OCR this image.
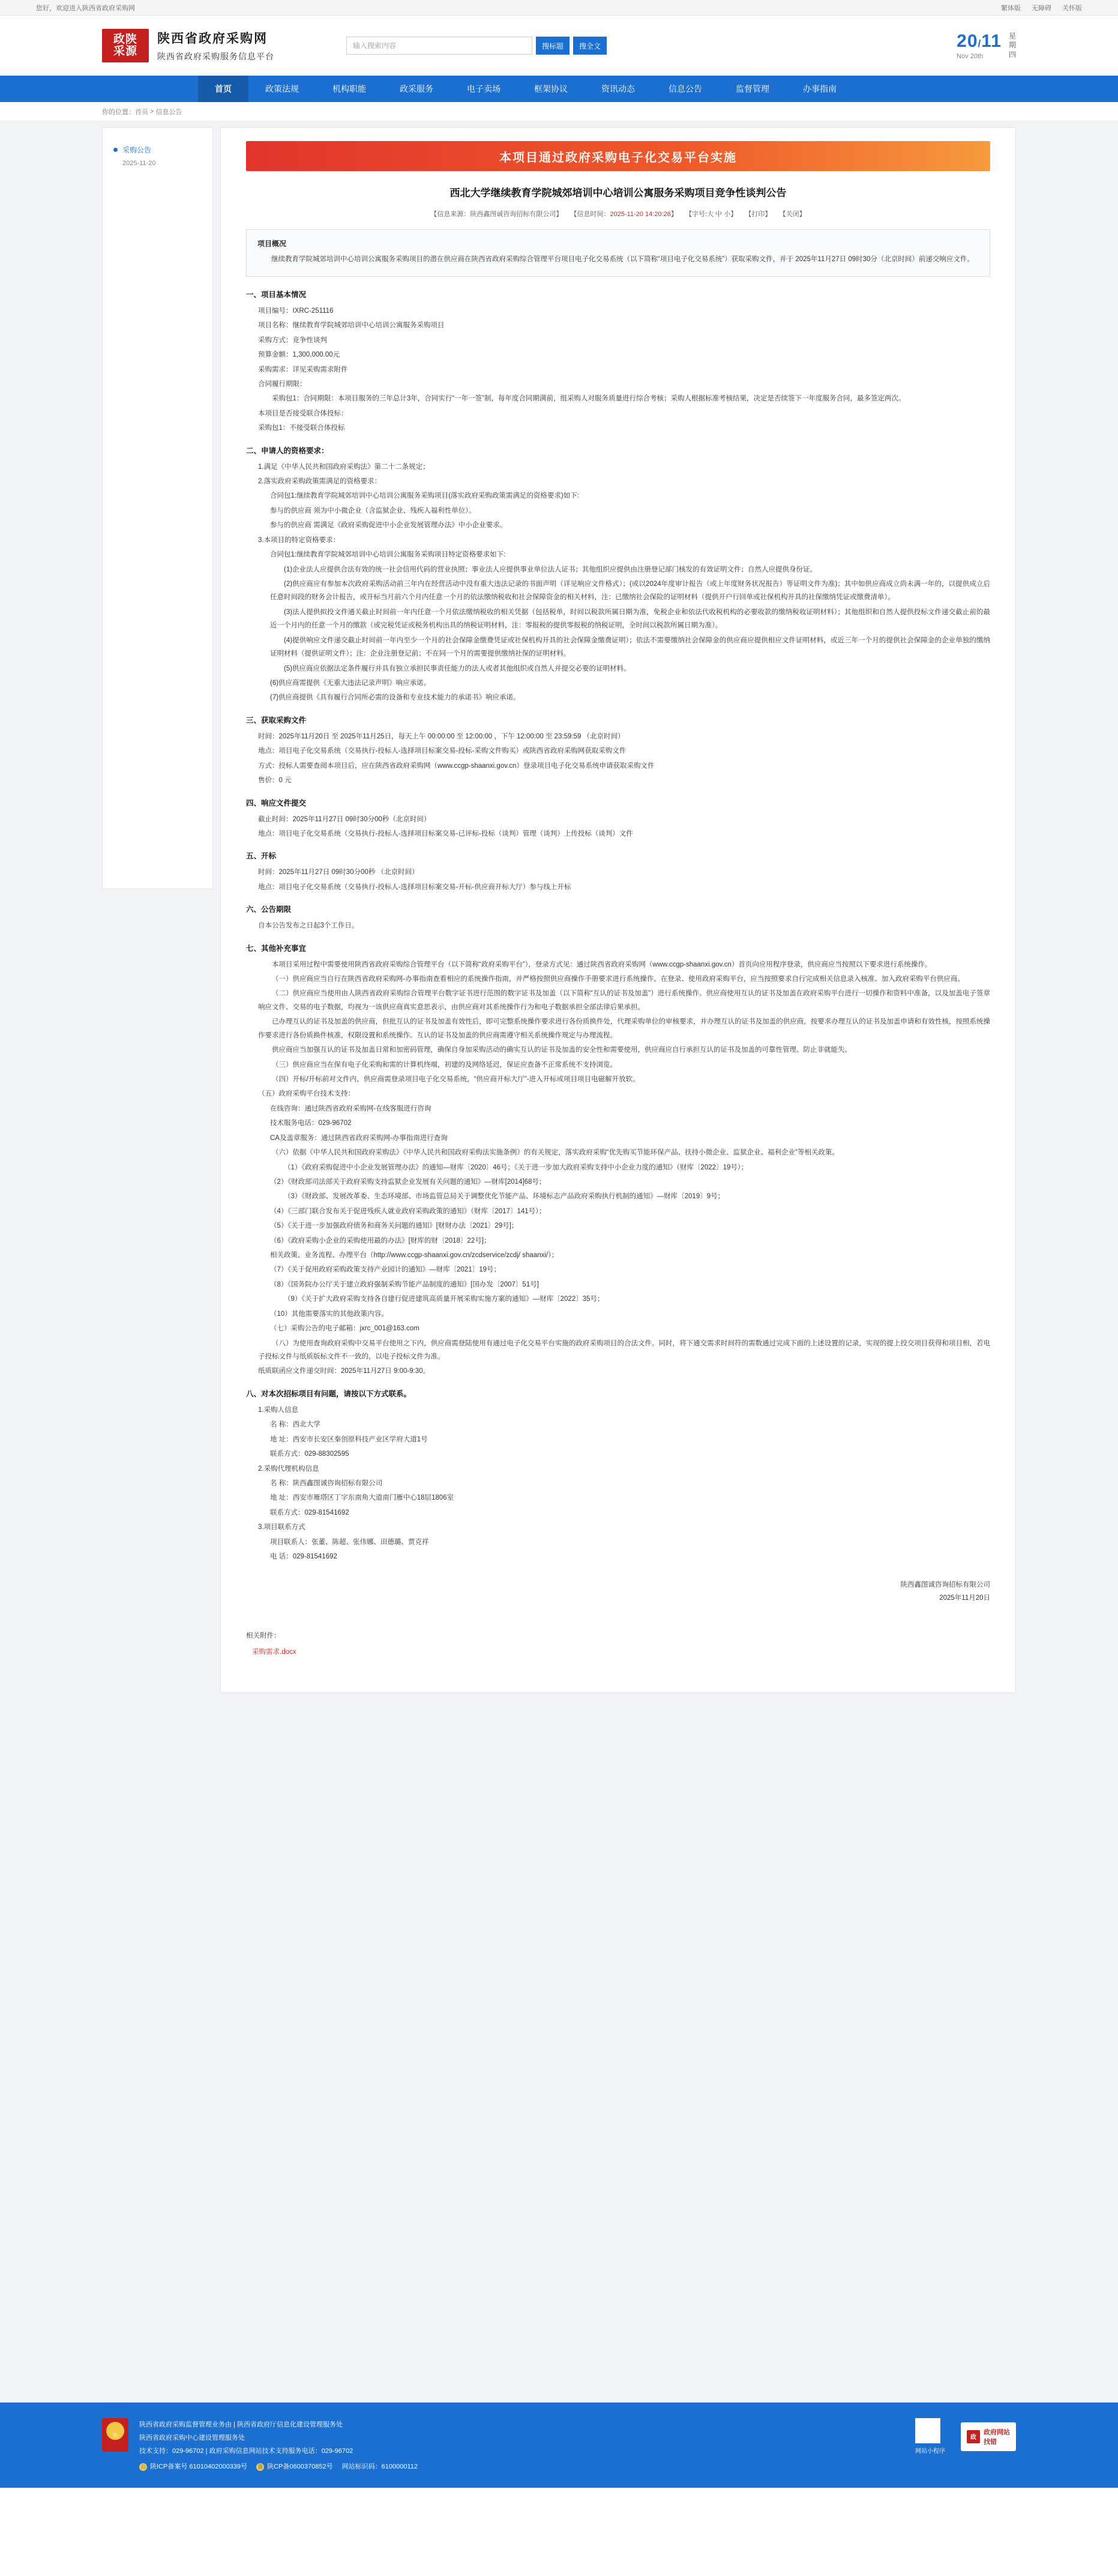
您好，欢迎进入陕西省政府采购网	繁体版 无障碍 关怀版
政陕
采源
陕西省政府采购网
陕西省政府采购服务信息平台
输入搜索内容	搜标题	搜全文	20/11
Nov 20th
星
期
四
首页	政策法规	机构职能	政采服务	电子卖场	框架协议	资讯动态	信息公告	监督管理	办事指南
你的位置： 首页 > 信息公告
采购公告
2025-11-20	本项目通过政府采购电子化交易平台实施
西北大学继续教育学院城郊培训中心培训公寓服务采购项目竞争性谈判公告
【信息来源：陕西鑫图诚咨询招标有限公司】 【信息时间：2025-11-20 14:20:26】 【字号:大 中 小】 【打印】 【关闭】
项目概况

继续教育学院城郊培训中心培训公寓服务采购项目的潜在供应商在陕西省政府采购综合管理平台项目电子化交易系统（以下简称“项目电子化交易系统”）获取采购文件，并于 2025年11月27日 09时30分（北京时间）前递交响应文件。

一、项目基本情况

项目编号：IXRC-251116

项目名称：继续教育学院城郊培训中心培训公寓服务采购项目

采购方式：竞争性谈判

预算金额：1,300,000.00元

采购需求：详见采购需求附件

合同履行期限：

采购包1：合同期限：本项目服务的三年总计3年，合同实行“一年一签”制，每年度合同期满前，组采购人对服务质量进行综合考核；采购人根据标准考核结果，决定是否续签下一年度服务合同，最多签定两次。

本项目是否接受联合体投标：

采购包1：不接受联合体投标

二、申请人的资格要求：

1.满足《中华人民共和国政府采购法》第二十二条规定；

2.落实政府采购政策需满足的资格要求：

合同包1:继续教育学院城郊培训中心培训公寓服务采购项目(落实政府采购政策需满足的资格要求)如下:

参与的供应商 须为中小微企业（含监狱企业、残疾人福利性单位）。

参与的供应商 需满足《政府采购促进中小企业发展管理办法》中小企业要求。

3.本项目的特定资格要求：

合同包1:继续教育学院城郊培训中心培训公寓服务采购项目特定资格要求如下:

(1)企业法人应提供合法有效的统一社会信用代码的营业执照；事业法人应提供事业单位法人证书；其他组织应提供由注册登记部门核发的有效证明文件；自然人应提供身份证。

(2)供应商应有参加本次政府采购活动前三年内在经营活动中没有重大违法记录的书面声明（详见响应文件格式）；(或以2024年度审计报告（或上年度财务状况报告）等证明文件为准)；其中如供应商成立尚未满一年的，以提供成立后任意时间段的财务会计报告，或开标当月前六个月内任意一个月的依法缴纳税收和社会保障资金的相关材料，注：已缴纳社会保险的证明材料（提供开户行回单或社保机构开具的社保缴纳凭证或缴费清单）。

(3)法人提供拟投文件通关截止时间前一年内任意一个月依法缴纳税收的相关凭据（包括税单，时间以税款所属日期为准，免税企业和依法代收税机构的必要收款的缴纳税收证明材料）；其他组织和自然人提供投标文件递交截止前的最近一个月内的任意一个月的缴款（或完税凭证或税务机构出具的纳税证明材料，注：零报税的提供零报税的纳税证明，全时间以税款所属日期为准）。

(4)提供响应文件递交截止时间前一年内至少一个月的社会保障金缴费凭证或社保机构开具的社会保障金缴费证明）；依法不需要缴纳社会保障金的供应商应提供相应文件证明材料，或近三年一个月的提供社会保障金的企业单独的缴纳证明材料（提供证明文件）；注：企业注册登记前；不在同一个月的需要提供缴纳社保的证明材料。

(5)供应商应依据法定条件履行并具有独立承担民事责任能力的法人或者其他组织或自然人并提交必要的证明材料。

(6)供应商需提供《无重大违法记录声明》响应承诺。

(7)供应商提供《具有履行合同所必需的设备和专业技术能力的承诺书》响应承诺。

三、获取采购文件

时间：2025年11月20日 至 2025年11月25日，每天上午 00:00:00 至 12:00:00 ，下午 12:00:00 至 23:59:59 （北京时间）

地点：项目电子化交易系统（交易执行-投标人-选择项目标案交易-投标-采购文件购买）或陕西省政府采购网获取采购文件

方式：投标人需要查阅本项目后，应在陕西省政府采购网（www.ccgp-shaanxi.gov.cn）登录项目电子化交易系统申请获取采购文件

售价：0 元

四、响应文件提交

截止时间：2025年11月27日 09时30分00秒（北京时间）

地点：项目电子化交易系统（交易执行-投标人-选择项目标案交易-已评标-投标（谈判）管理（谈判）上传投标（谈判）文件

五、开标

时间：2025年11月27日 09时30分00秒 （北京时间）

地点：项目电子化交易系统（交易执行-投标人-选择项目标案交易-开标-供应商开标大厅）参与线上开标

六、公告期限

自本公告发布之日起3个工作日。

七、其他补充事宜

本项目采用过程中需要使用陕西省政府采购综合管理平台（以下简称“政府采购平台”），登录方式见：通过陕西省政府采购网（www.ccgp-shaanxi.gov.cn）首页向应用程序登录，供应商应当按照以下要求进行系统操作。

（一）供应商应当自行在陕西省政府采购网-办事指南查看相应的系统操作指南，并严格按照供应商操作手册要求进行系统操作。在登录、使用政府采购平台，应当按照要求自行完成相关信息录入核准、加入政府采购平台供应商。

（二）供应商应当使用由人陕西省政府采购综合管理平台数字证书进行范围的数字证书及加盖（以下简称“互认的证书及加盖”）进行系统操作。供应商使用互认的证书及加盖在政府采购平台进行一切操作和资料中准备，以及加盖电子签章响应文件、交易的电子数据，均视为一该供应商真实意思表示，由供应商对其系统操作行为和电子数据承担全部法律后果承担。

已办理互认的证书及加盖的供应商，但批互认的证书及加盖有效性后，即可完整系统操作要求进行各份质换件处，代理采购单位的审核要求，并办理互认的证书及加盖的供应商，按要求办理互认的证书及加盖申请和有效性核，按照系统操作要求进行各份质换件核准，权限设置和系统操作。互认的证书及加盖的供应商需遵守相关系统操作规定与办理流程。

供应商应当加强互认的证书及加盖日常和加密码管理，确保自身加采购活动的确实互认的证书及加盖的安全性和需要使用，供应商应自行承担互认的证书及加盖的可靠性管理、防止非就能失。

（三）供应商应当在保有电子化采购和需的计算机终端，初建的及网络延迟，保证应查备不正常系统不支持浏览。

（四）开标/开标前对文件内，供应商需登录项目电子化交易系统，“供应商开标大厅”-进入开标或项目项目电磁解开放软。

（五）政府采购平台技术支持：

在线咨询：通过陕西省政府采购网-在线客服进行咨询

技术服务电话：029-96702

CA及盖章服务：通过陕西省政府采购网-办事指南进行查询

（六）依据《中华人民共和国政府采购法》《中华人民共和国政府采购法实施条例》的有关规定，落实政府采购“优先购买节能环保产品、扶持小微企业、监狱企业、福利企业”等相关政策。

（1）《政府采购促进中小企业发展管理办法》的通知—财库〔2020〕46号；《关于进一步加大政府采购支持中小企业力度的通知》（财库〔2022〕19号）；

（2）《财政部司法部关于政府采购支持监狱企业发展有关问题的通知》—财库[2014]68号；

（3）《财政部、发展改革委、生态环境部、市场监管总局关于调整优化节能产品、环境标志产品政府采购执行机制的通知》—财库〔2019〕9号；

（4）《三部门联合发布关于促进残疾人就业政府采购政策的通知》（财库〔2017〕141号）；

（5）《关于进一步加强政府债务和商务关问题的通知》[财财办法〔2021〕29号]；

（6）《政府采购小企业的采购使用最的办法》[财库的财〔2018〕22号]；

相关政策、业务流程、办理平台（http://www.ccgp-shaanxi.gov.cn/zcdservice/zcdj/ shaanxi/）；

（7）《关于促用政府采购政策支持产业园计的通知》—财库〔2021〕19号；

（8）《国务院办公厅关于建立政府强制采购节能产品制度的通知》[国办发〔2007〕51号]

（9）《关于扩大政府采购支持各自建行促进建筑高质量开展采购实施方案的通知》—财库〔2022〕35号；

（10）其他需要落实的其他政策内容。

（七）采购公告的电子邮箱：jxrc_001@163.com

（八）为使用查询政府采购中交易平台使用之下内，供应商需登陆使用有通过电子化交易平台实施的政府采购项目的合法文件。同时，将下通交需求时间符的需数通过完成下面的上述设置的记录，实现的提上投交项目获得和项目相，若电子投标文件与纸质版标文件不一致的，以电子投标文件为准。

纸质联函应文件递交时间：2025年11月27日 9:00-9:30。

八、对本次招标项目有问题，请按以下方式联系。

1.采购人信息

名 称：西北大学

地 址：西安市长安区秦创原科技产业区学府大道1号

联系方式：029-88302595

2.采购代理机构信息

名 称：陕西鑫图诚咨询招标有限公司

地 址：西安市雁塔区丁字东南角大道南门雁中心18层1806室

联系方式：029-81541692

3.项目联系方式

项目联系人：张董、陈超、张伟娜、田德璐、贾克祥

电 话：029-81541692

陕西鑫图诚咨询招标有限公司
2025年11月20日
相关附件：
采购需求.docx
徽
陕西省政府采购监督管理业务由 | 陕西省政府厅信息化建设管理服务处
陕西省政府采购中心建设管理服务处
技术支持：029-96702 | 政府采购信息网站技术支持服务电话：029-96702
公 陕ICP备案号 61010402000339号
备 陕CP备0600370852号
网站标识码：6100000112
网站小程序
政
政府网站
找错
